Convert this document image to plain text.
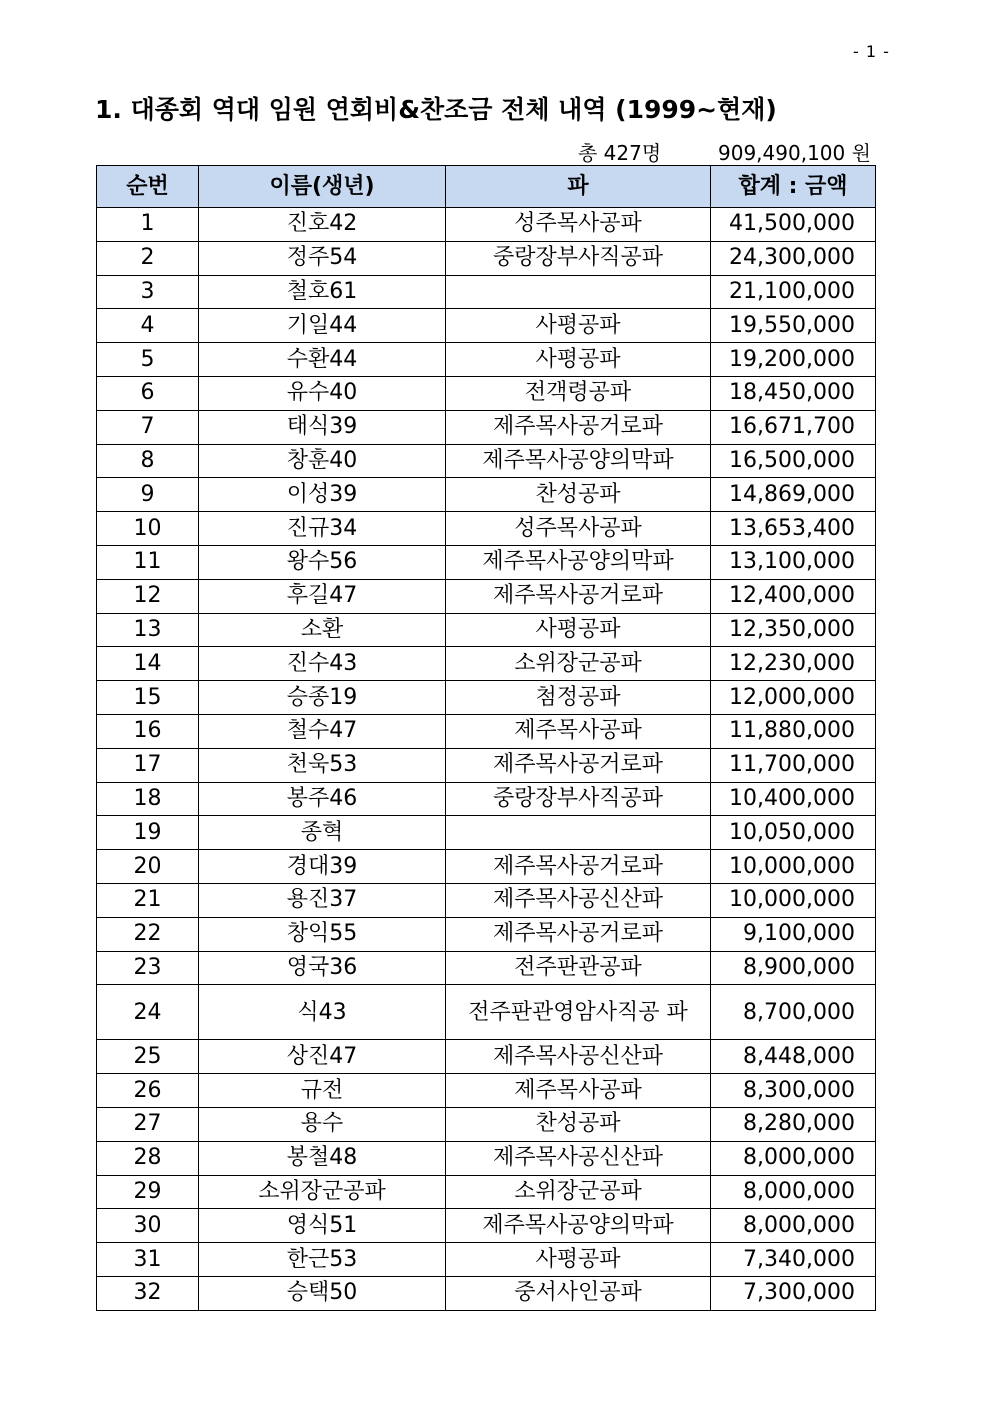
- 1 -
1. 대종회 역대 임원 연회비&찬조금 전체 내역 (1999~현재)
총 427명	909,490,100 원
순번	이름(생년)	파	합계 : 금액
1	진호42	성주목사공파	41,500,000
2	정주54	중랑장부사직공파	24,300,000
3	철호61		21,100,000
4	기일44	사평공파	19,550,000
5	수환44	사평공파	19,200,000
6	유수40	전객령공파	18,450,000
7	태식39	제주목사공거로파	16,671,700
8	창훈40	제주목사공양의막파	16,500,000
9	이성39	찬성공파	14,869,000
10	진규34	성주목사공파	13,653,400
11	왕수56	제주목사공양의막파	13,100,000
12	후길47	제주목사공거로파	12,400,000
13	소환	사평공파	12,350,000
14	진수43	소위장군공파	12,230,000
15	승종19	첨정공파	12,000,000
16	철수47	제주목사공파	11,880,000
17	천욱53	제주목사공거로파	11,700,000
18	봉주46	중랑장부사직공파	10,400,000
19	종혁		10,050,000
20	경대39	제주목사공거로파	10,000,000
21	용진37	제주목사공신산파	10,000,000
22	창익55	제주목사공거로파	9,100,000
23	영국36	전주판관공파	8,900,000
24	식43	전주판관영암사직공 파	8,700,000
25	상진47	제주목사공신산파	8,448,000
26	규전	제주목사공파	8,300,000
27	용수	찬성공파	8,280,000
28	봉철48	제주목사공신산파	8,000,000
29	소위장군공파	소위장군공파	8,000,000
30	영식51	제주목사공양의막파	8,000,000
31	한근53	사평공파	7,340,000
32	승택50	중서사인공파	7,300,000
